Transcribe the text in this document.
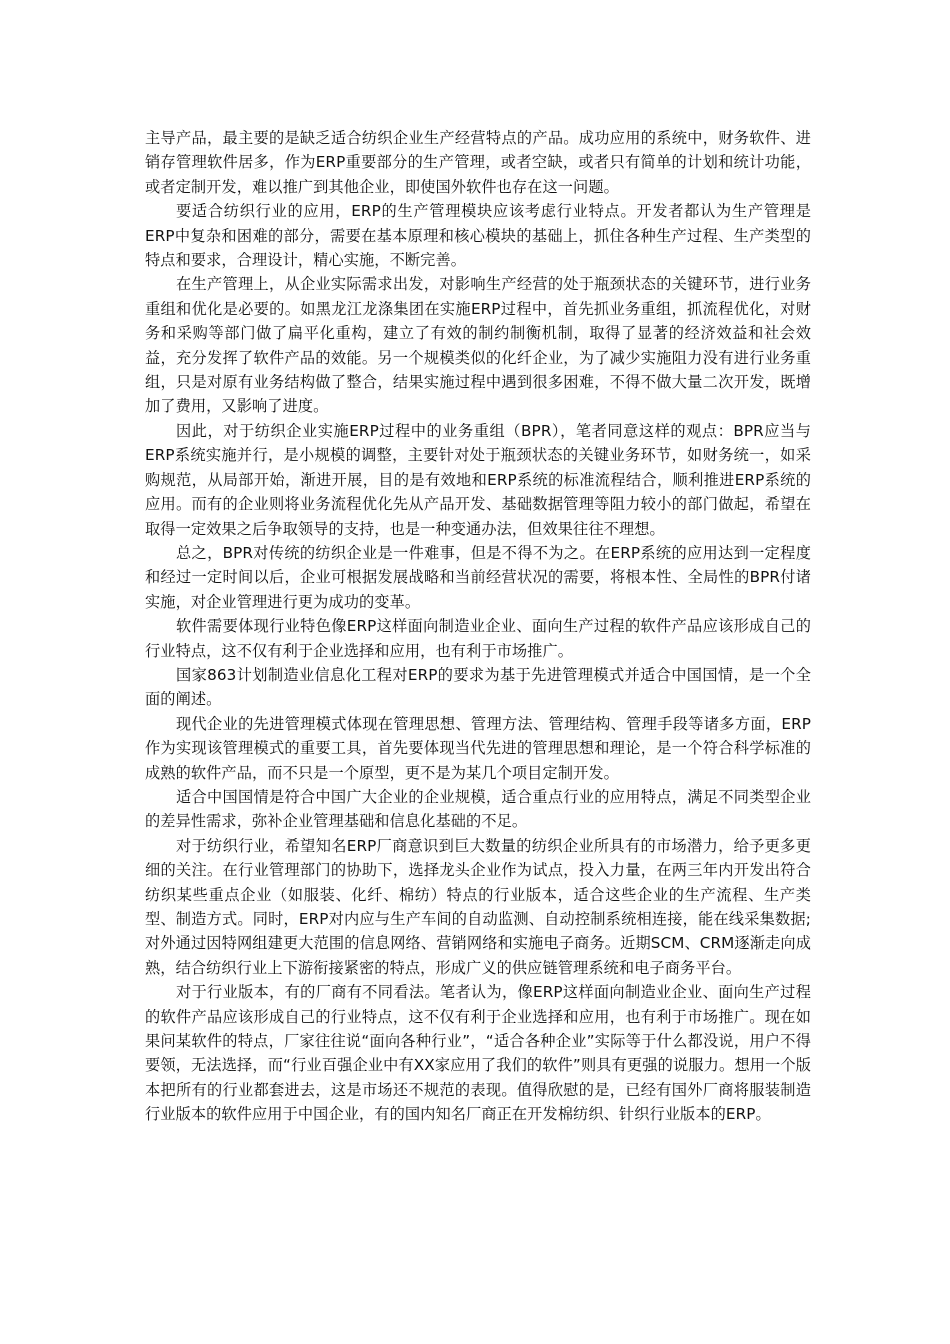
主导产品，最主要的是缺乏适合纺织企业生产经营特点的产品。成功应用的系统中，财务软件、进销存管理软件居多，作为ERP重要部分的生产管理，或者空缺，或者只有简单的计划和统计功能，或者定制开发，难以推广到其他企业，即使国外软件也存在这一问题。

要适合纺织行业的应用，ERP的生产管理模块应该考虑行业特点。开发者都认为生产管理是ERP中复杂和困难的部分，需要在基本原理和核心模块的基础上，抓住各种生产过程、生产类型的特点和要求，合理设计，精心实施，不断完善。

在生产管理上，从企业实际需求出发，对影响生产经营的处于瓶颈状态的关键环节，进行业务重组和优化是必要的。如黑龙江龙涤集团在实施ERP过程中，首先抓业务重组，抓流程优化，对财务和采购等部门做了扁平化重构，建立了有效的制约制衡机制，取得了显著的经济效益和社会效益，充分发挥了软件产品的效能。另一个规模类似的化纤企业，为了减少实施阻力没有进行业务重组，只是对原有业务结构做了整合，结果实施过程中遇到很多困难，不得不做大量二次开发，既增加了费用，又影响了进度。

因此，对于纺织企业实施ERP过程中的业务重组（BPR），笔者同意这样的观点：BPR应当与ERP系统实施并行，是小规模的调整，主要针对处于瓶颈状态的关键业务环节，如财务统一，如采购规范，从局部开始，渐进开展，目的是有效地和ERP系统的标准流程结合，顺利推进ERP系统的应用。而有的企业则将业务流程优化先从产品开发、基础数据管理等阻力较小的部门做起，希望在取得一定效果之后争取领导的支持，也是一种变通办法，但效果往往不理想。

总之，BPR对传统的纺织企业是一件难事，但是不得不为之。在ERP系统的应用达到一定程度和经过一定时间以后，企业可根据发展战略和当前经营状况的需要，将根本性、全局性的BPR付诸实施，对企业管理进行更为成功的变革。

软件需要体现行业特色像ERP这样面向制造业企业、面向生产过程的软件产品应该形成自己的行业特点，这不仅有利于企业选择和应用，也有利于市场推广。

国家863计划制造业信息化工程对ERP的要求为基于先进管理模式并适合中国国情，是一个全面的阐述。

现代企业的先进管理模式体现在管理思想、管理方法、管理结构、管理手段等诸多方面，ERP作为实现该管理模式的重要工具，首先要体现当代先进的管理思想和理论，是一个符合科学标准的成熟的软件产品，而不只是一个原型，更不是为某几个项目定制开发。

适合中国国情是符合中国广大企业的企业规模，适合重点行业的应用特点，满足不同类型企业的差异性需求，弥补企业管理基础和信息化基础的不足。

对于纺织行业，希望知名ERP厂商意识到巨大数量的纺织企业所具有的市场潜力，给予更多更细的关注。在行业管理部门的协助下，选择龙头企业作为试点，投入力量，在两三年内开发出符合纺织某些重点企业（如服装、化纤、棉纺）特点的行业版本，适合这些企业的生产流程、生产类型、制造方式。同时，ERP对内应与生产车间的自动监测、自动控制系统相连接，能在线采集数据;对外通过因特网组建更大范围的信息网络、营销网络和实施电子商务。近期SCM、CRM逐渐走向成熟，结合纺织行业上下游衔接紧密的特点，形成广义的供应链管理系统和电子商务平台。

对于行业版本，有的厂商有不同看法。笔者认为，像ERP这样面向制造业企业、面向生产过程的软件产品应该形成自己的行业特点，这不仅有利于企业选择和应用，也有利于市场推广。现在如果问某软件的特点，厂家往往说“面向各种行业”，“适合各种企业”实际等于什么都没说，用户不得要领，无法选择，而“行业百强企业中有XX家应用了我们的软件”则具有更强的说服力。想用一个版本把所有的行业都套进去，这是市场还不规范的表现。值得欣慰的是，已经有国外厂商将服装制造行业版本的软件应用于中国企业，有的国内知名厂商正在开发棉纺织、针织行业版本的ERP。
